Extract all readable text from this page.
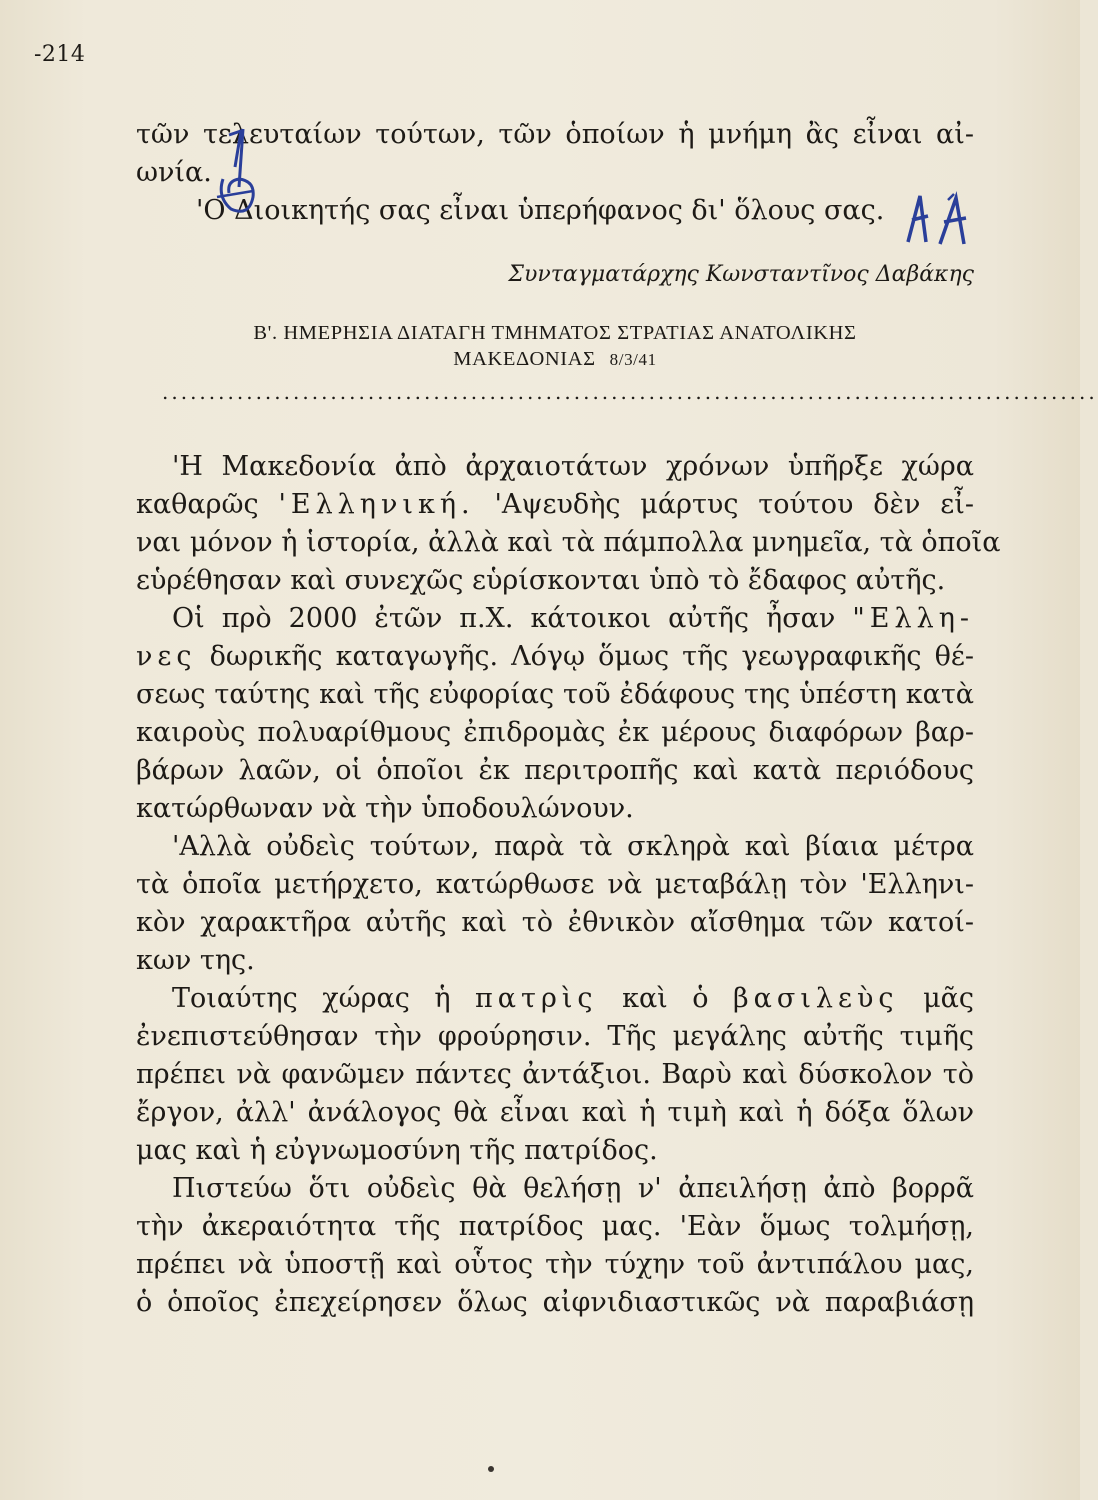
-214
τῶν τελευταίων τούτων, τῶν ὁποίων ἡ μνήμη ἂς εἶναι αἰ-
ωνία.
'Ο Διοικητής σας εἶναι ὑπερήφανος δι' ὅλους σας.
Συνταγματάρχης Κωνσταντῖνος Δαβάκης
Β'. ΗΜΕΡΗΣΙΑ ΔΙΑΤΑΓΗ ΤΜΗΜΑΤΟΣ ΣΤΡΑΤΙΑΣ ΑΝΑΤΟΛΙΚΗΣ
ΜΑΚΕΔΟΝΙΑΣ 8/3/41
....................................................................................................
'Η Μακεδονία ἀπὸ ἀρχαιοτάτων χρόνων ὑπῆρξε χώρα
καθαρῶς 'Ελληνική. 'Αψευδὴς μάρτυς τούτου δὲν εἶ-
ναι μόνον ἡ ἱστορία, ἀλλὰ καὶ τὰ πάμπολλα μνημεῖα, τὰ ὁποῖα
εὑρέθησαν καὶ συνεχῶς εὑρίσκονται ὑπὸ τὸ ἔδαφος αὐτῆς.
Οἱ πρὸ 2000 ἐτῶν π.Χ. κάτοικοι αὐτῆς ἦσαν "Ελλη-
νες δωρικῆς καταγωγῆς. Λόγῳ ὅμως τῆς γεωγραφικῆς θέ-
σεως ταύτης καὶ τῆς εὐφορίας τοῦ ἐδάφους της ὑπέστη κατὰ
καιροὺς πολυαρίθμους ἐπιδρομὰς ἐκ μέρους διαφόρων βαρ-
βάρων λαῶν, οἱ ὁποῖοι ἐκ περιτροπῆς καὶ κατὰ περιόδους
κατώρθωναν νὰ τὴν ὑποδουλώνουν.
'Αλλὰ οὐδεὶς τούτων, παρὰ τὰ σκληρὰ καὶ βίαια μέτρα
τὰ ὁποῖα μετήρχετο, κατώρθωσε νὰ μεταβάλῃ τὸν 'Ελληνι-
κὸν χαρακτῆρα αὐτῆς καὶ τὸ ἐθνικὸν αἴσθημα τῶν κατοί-
κων της.
Τοιαύτης χώρας ἡ πατρὶς καὶ ὁ βασιλεὺς μᾶς
ἐνεπιστεύθησαν τὴν φρούρησιν. Τῆς μεγάλης αὐτῆς τιμῆς
πρέπει νὰ φανῶμεν πάντες ἀντάξιοι. Βαρὺ καὶ δύσκολον τὸ
ἔργον, ἀλλ' ἀνάλογος θὰ εἶναι καὶ ἡ τιμὴ καὶ ἡ δόξα ὅλων
μας καὶ ἡ εὐγνωμοσύνη τῆς πατρίδος.
Πιστεύω ὅτι οὐδεὶς θὰ θελήσῃ ν' ἀπειλήσῃ ἀπὸ βορρᾶ
τὴν ἀκεραιότητα τῆς πατρίδος μας. 'Εὰν ὅμως τολμήσῃ,
πρέπει νὰ ὑποστῇ καὶ οὗτος τὴν τύχην τοῦ ἀντιπάλου μας,
ὁ ὁποῖος ἐπεχείρησεν ὅλως αἰφνιδιαστικῶς νὰ παραβιάσῃ
